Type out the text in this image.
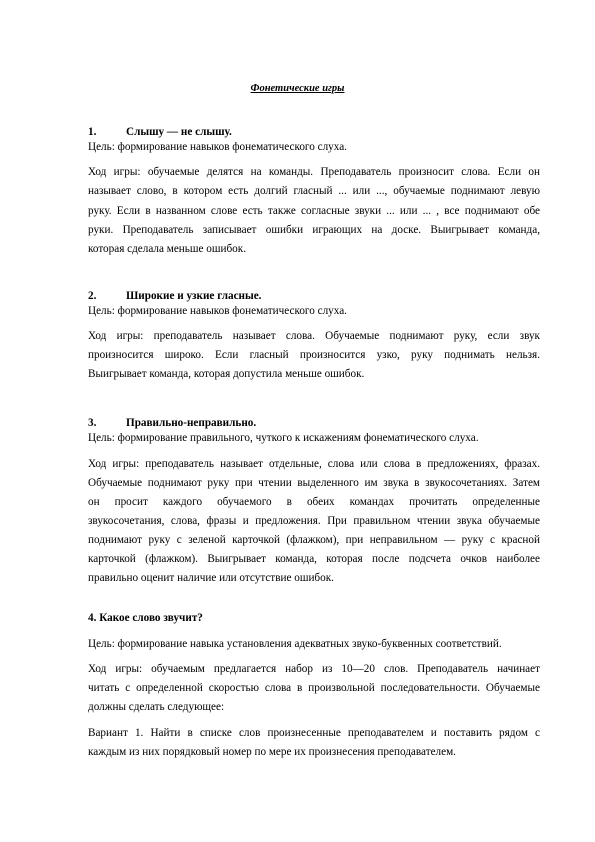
Фонетические игры
1.	Слышу — не слышу.
Цель: формирование навыков фонематического слуха.
Ход игры: обучаемые делятся на команды. Преподаватель произносит слова. Если он
называет слово, в котором есть долгий гласный ... или ..., обучаемые поднимают левую
руку. Если в названном слове есть также согласные звуки ... или ... , все поднимают обе
руки. Преподаватель записывает ошибки играющих на доске. Выигрывает команда,
которая сделала меньше ошибок.
2.	Широкие и узкие гласные.
Цель: формирование навыков фонематического слуха.
Ход игры: преподаватель называет слова. Обучаемые поднимают руку, если звук
произносится широко. Если гласный произносится узко, руку поднимать нельзя.
Выигрывает команда, которая допустила меньше ошибок.
3.	Правильно-неправильно.
Цель: формирование правильного, чуткого к искажениям фонематического слуха.
Ход игры: преподаватель называет отдельные, слова или слова в предложениях, фразах.
Обучаемые поднимают руку при чтении выделенного им звука в звукосочетаниях. Затем
он просит каждого обучаемого в обеих командах прочитать определенные
звукосочетания, слова, фразы и предложения. При правильном чтении звука обучаемые
поднимают руку с зеленой карточкой (флажком), при неправильном — руку с красной
карточкой (флажком). Выигрывает команда, которая после подсчета очков наиболее
правильно оценит наличие или отсутствие ошибок.
4. Какое слово звучит?
Цель: формирование навыка установления адекватных звуко-буквенных соответствий.
Ход игры: обучаемым предлагается набор из 10—20 слов. Преподаватель начинает
читать с определенной скоростью слова в произвольной последовательности. Обучаемые
должны сделать следующее:
Вариант 1. Найти в списке слов произнесенные преподавателем и поставить рядом с
каждым из них порядковый номер по мере их произнесения преподавателем.
